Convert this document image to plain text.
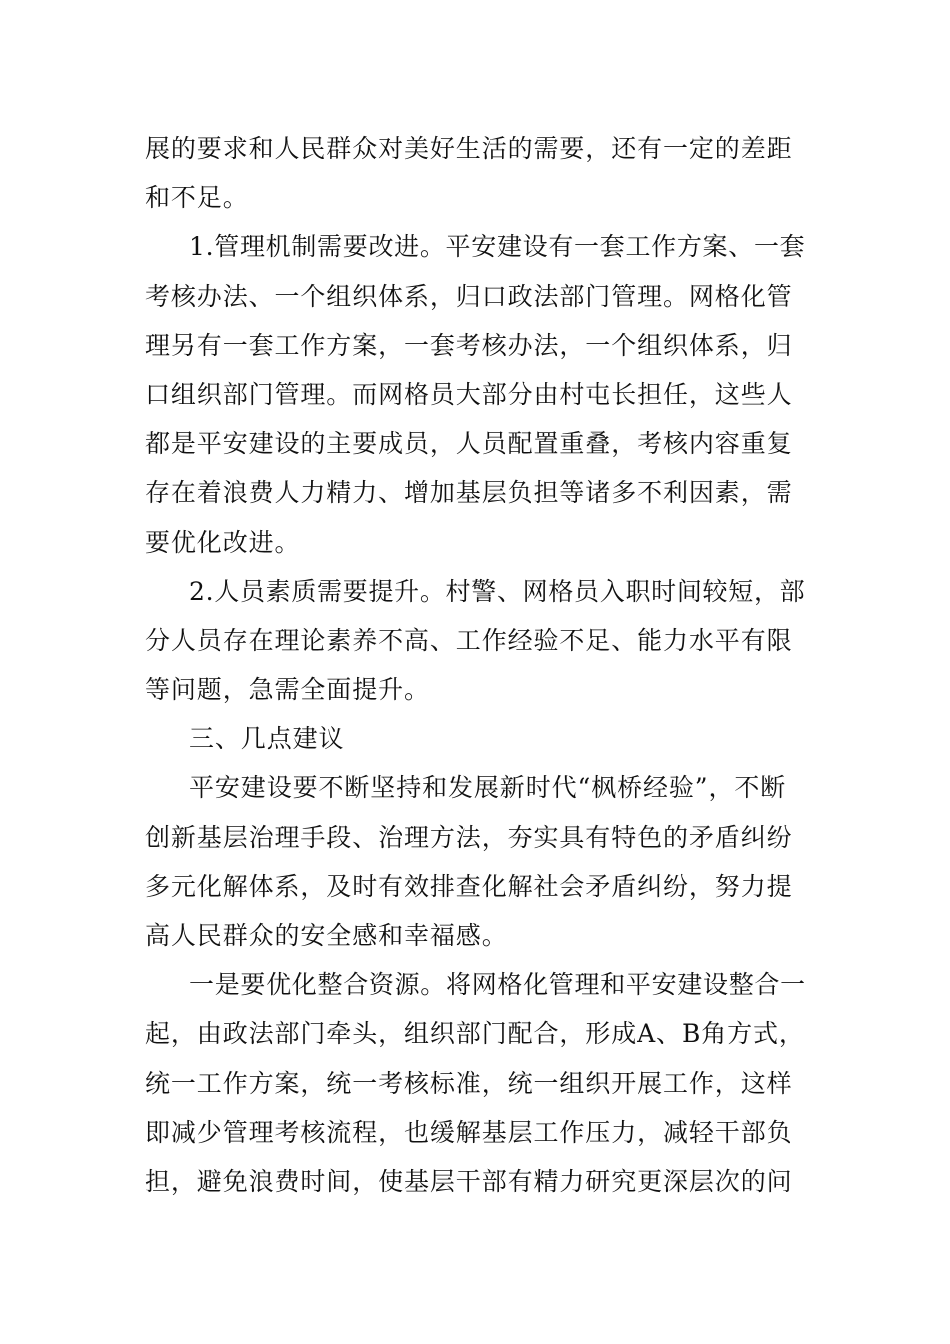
展的要求和人民群众对美好生活的需要，还有一定的差距
和不足。
1.管理机制需要改进。平安建设有一套工作方案、一套
考核办法、一个组织体系，归口政法部门管理。网格化管
理另有一套工作方案，一套考核办法，一个组织体系，归
口组织部门管理。而网格员大部分由村屯长担任，这些人
都是平安建设的主要成员，人员配置重叠，考核内容重复
存在着浪费人力精力、增加基层负担等诸多不利因素，需
要优化改进。
2.人员素质需要提升。村警、网格员入职时间较短，部
分人员存在理论素养不高、工作经验不足、能力水平有限
等问题，急需全面提升。
三、几点建议
平安建设要不断坚持和发展新时代“枫桥经验”，不断
创新基层治理手段、治理方法，夯实具有特色的矛盾纠纷
多元化解体系，及时有效排查化解社会矛盾纠纷，努力提
高人民群众的安全感和幸福感。
一是要优化整合资源。将网格化管理和平安建设整合一
起，由政法部门牵头，组织部门配合，形成A、B角方式，
统一工作方案，统一考核标准，统一组织开展工作，这样
即减少管理考核流程，也缓解基层工作压力，减轻干部负
担，避免浪费时间，使基层干部有精力研究更深层次的问
